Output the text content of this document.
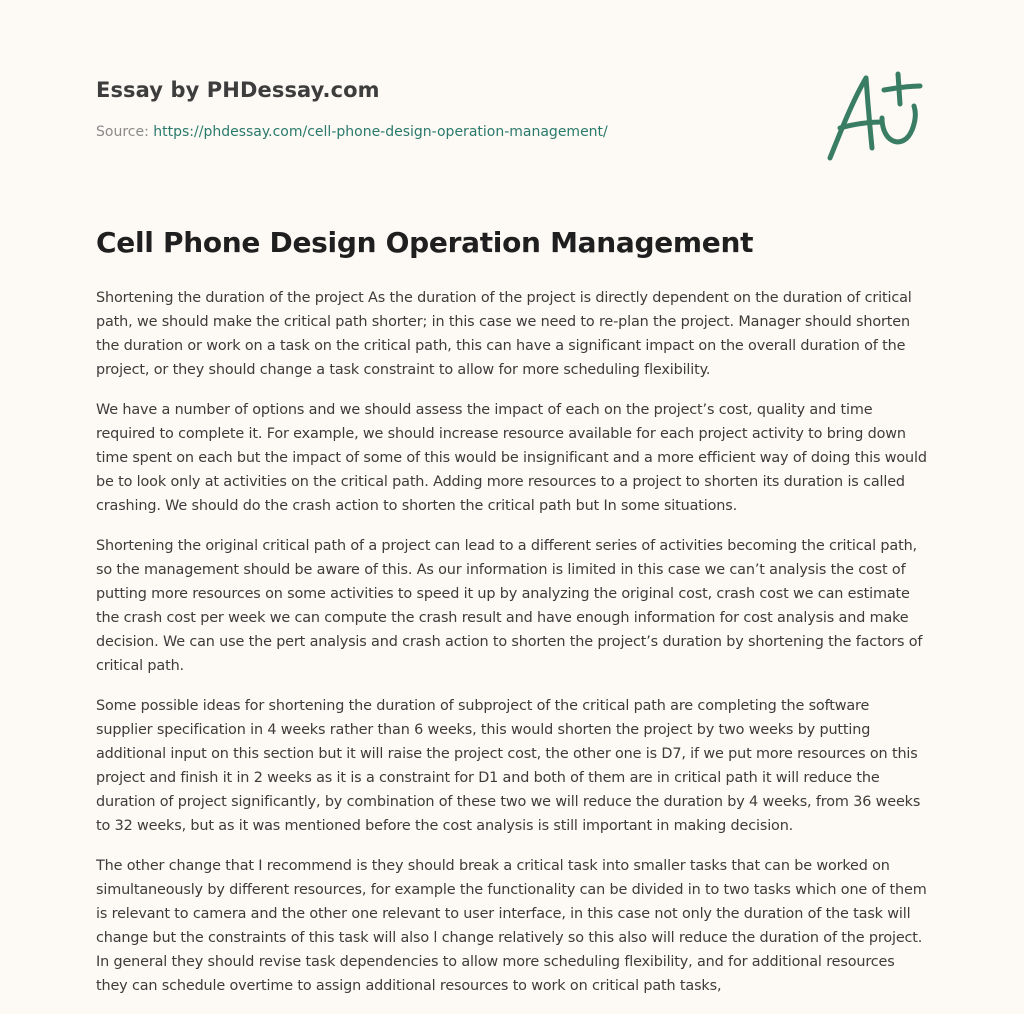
Essay by PHDessay.com
Source: https://phdessay.com/cell-phone-design-operation-management/
Cell Phone Design Operation Management

Shortening the duration of the project As the duration of the project is directly dependent on the duration of critical path, we should make the critical path shorter; in this case we need to re-plan the project. Manager should shorten the duration or work on a task on the critical path, this can have a significant impact on the overall duration of the project, or they should change a task constraint to allow for more scheduling flexibility.

We have a number of options and we should assess the impact of each on the project’s cost, quality and time required to complete it. For example, we should increase resource available for each project activity to bring down time spent on each but the impact of some of this would be insignificant and a more efficient way of doing this would be to look only at activities on the critical path. Adding more resources to a project to shorten its duration is called crashing. We should do the crash action to shorten the critical path but In some situations.

Shortening the original critical path of a project can lead to a different series of activities becoming the critical path, so the management should be aware of this. As our information is limited in this case we can’t analysis the cost of putting more resources on some activities to speed it up by analyzing the original cost, crash cost we can estimate the crash cost per week we can compute the crash result and have enough information for cost analysis and make decision. We can use the pert analysis and crash action to shorten the project’s duration by shortening the factors of critical path.

Some possible ideas for shortening the duration of subproject of the critical path are completing the software supplier specification in 4 weeks rather than 6 weeks, this would shorten the project by two weeks by putting additional input on this section but it will raise the project cost, the other one is D7, if we put more resources on this project and finish it in 2 weeks as it is a constraint for D1 and both of them are in critical path it will reduce the duration of project significantly, by combination of these two we will reduce the duration by 4 weeks, from 36 weeks to 32 weeks, but as it was mentioned before the cost analysis is still important in making decision.

The other change that I recommend is they should break a critical task into smaller tasks that can be worked on simultaneously by different resources, for example the functionality can be divided in to two tasks which one of them is relevant to camera and the other one relevant to user interface, in this case not only the duration of the task will change but the constraints of this task will also l change relatively so this also will reduce the duration of the project. In general they should revise task dependencies to allow more scheduling flexibility, and for additional resources they can schedule overtime to assign additional resources to work on critical path tasks,
